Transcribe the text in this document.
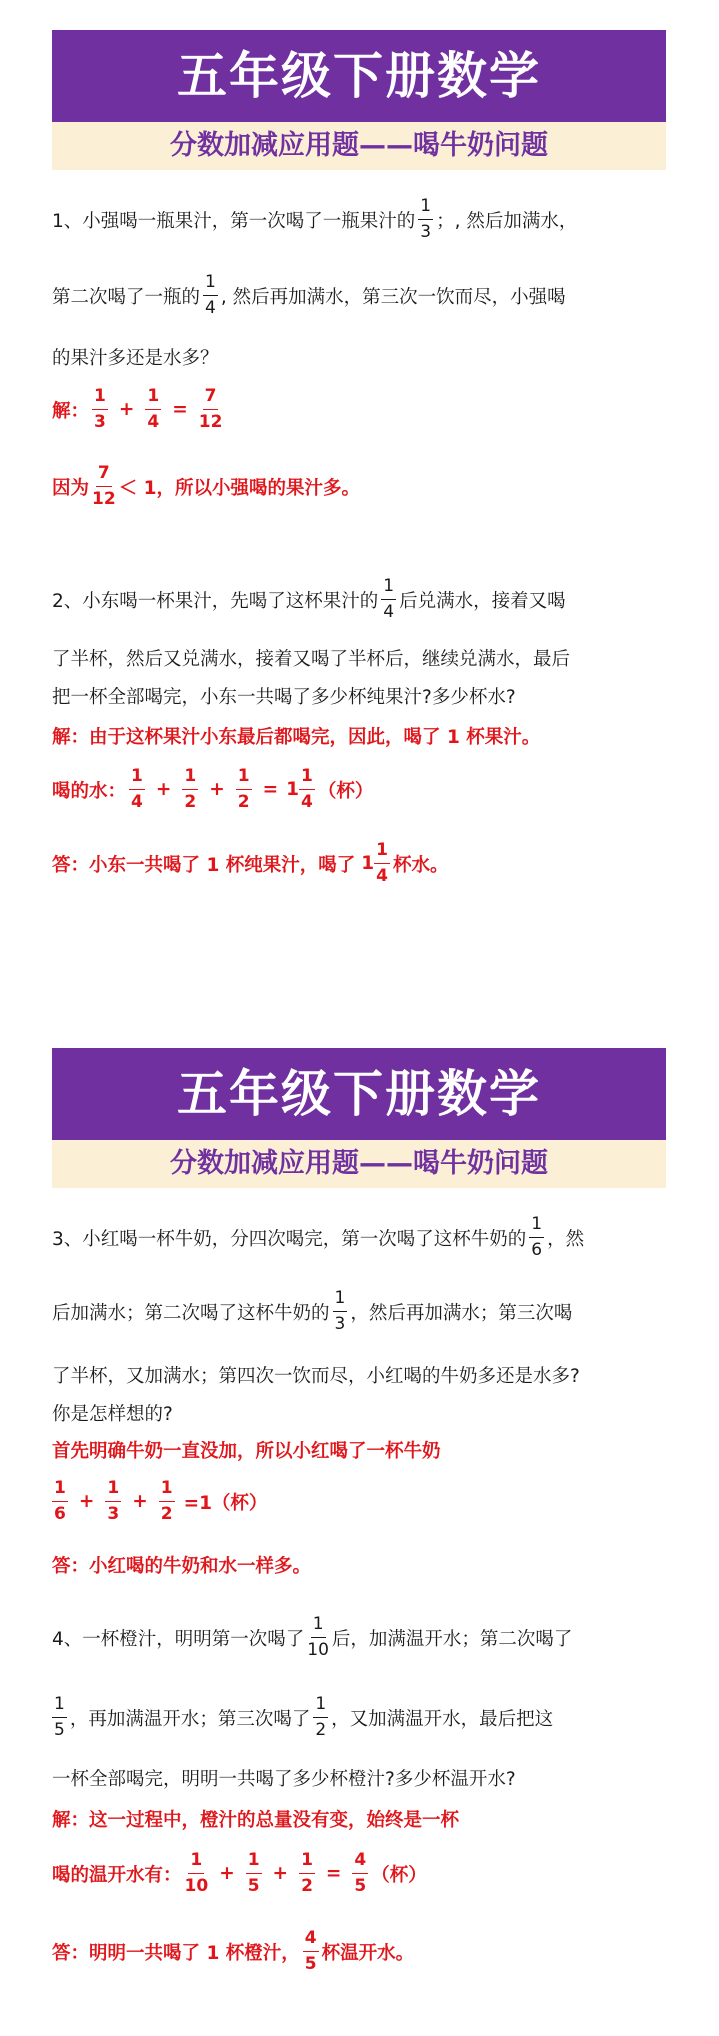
五年级下册数学
分数加减应用题——喝牛奶问题
1、小强喝一瓶果汁，第一次喝了一瓶果汁的 $\frac{1}{3}$ ；, 然后加满水，
第二次喝了一瓶的 $\frac{1}{4}$ , 然后再加满水，第三次一饮而尽，小强喝
的果汁多还是水多？
解： $\frac{1}{3} + \frac{1}{4} = \frac{7}{12}$
因为 $\frac{7}{12} < 1$，所以小强喝的果汁多。
2、小东喝一杯果汁，先喝了这杯果汁的 $\frac{1}{4}$ 后兑满水，接着又喝
了半杯，然后又兑满水，接着又喝了半杯后，继续兑满水，最后
把一杯全部喝完，小东一共喝了多少杯纯果汁?多少杯水?
解：由于这杯果汁小东最后都喝完，因此，喝了 1 杯果汁。
喝的水： $\frac{1}{4} + \frac{1}{2} + \frac{1}{2} = 1 \frac{1}{4}$ （杯）
答：小东一共喝了 1 杯纯果汁，喝了 $1 \frac{1}{4}$ 杯水。
五年级下册数学
分数加减应用题——喝牛奶问题
3、小红喝一杯牛奶，分四次喝完，第一次喝了这杯牛奶的 $\frac{1}{6}$ ，然
后加满水；第二次喝了这杯牛奶的 $\frac{1}{3}$ ，然后再加满水；第三次喝
了半杯，又加满水；第四次一饮而尽，小红喝的牛奶多还是水多?
你是怎样想的?
首先明确牛奶一直没加，所以小红喝了一杯牛奶
$\frac{1}{6} + \frac{1}{3} + \frac{1}{2} =1$（杯）
答：小红喝的牛奶和水一样多。
4、一杯橙汁，明明第一次喝了 $\frac{1}{10}$ 后，加满温开水；第二次喝了
$\frac{1}{5}$ ，再加满温开水；第三次喝了 $\frac{1}{2}$ ，又加满温开水，最后把这
一杯全部喝完，明明一共喝了多少杯橙汁?多少杯温开水?
解：这一过程中，橙汁的总量没有变，始终是一杯
喝的温开水有： $\frac{1}{10} + \frac{1}{5} + \frac{1}{2} = \frac{4}{5}$ （杯）
答：明明一共喝了 1 杯橙汁， $\frac{4}{5}$ 杯温开水。
